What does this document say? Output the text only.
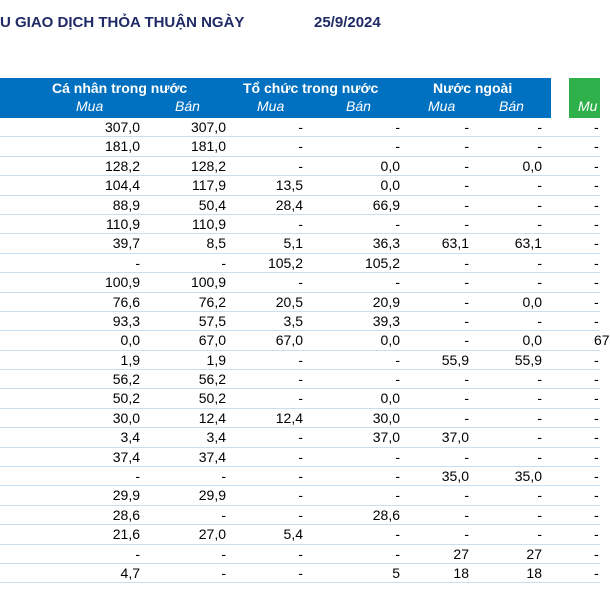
U GIAO DỊCH THỎA THUẬN NGÀY	25/9/2024
Cá nhân trong nước	Tổ chức trong nước	Nước ngoài
Mua	Bán	Mua	Bán	Mua	Bán	Mu
307,0	307,0	-	-	-	-	-
181,0	181,0	-	-	-	-	-
128,2	128,2	-	0,0	-	0,0	-
104,4	117,9	13,5	0,0	-	-	-
88,9	50,4	28,4	66,9	-	-	-
110,9	110,9	-	-	-	-	-
39,7	8,5	5,1	36,3	63,1	63,1	-
-	-	105,2	105,2	-	-	-
100,9	100,9	-	-	-	-	-
76,6	76,2	20,5	20,9	-	0,0	-
93,3	57,5	3,5	39,3	-	-	-
0,0	67,0	67,0	0,0	-	0,0	67
1,9	1,9	-	-	55,9	55,9	-
56,2	56,2	-	-	-	-	-
50,2	50,2	-	0,0	-	-	-
30,0	12,4	12,4	30,0	-	-	-
3,4	3,4	-	37,0	37,0	-	-
37,4	37,4	-	-	-	-	-
-	-	-	-	35,0	35,0	-
29,9	29,9	-	-	-	-	-
28,6	-	-	28,6	-	-	-
21,6	27,0	5,4	-	-	-	-
-	-	-	-	27	27	-
4,7	-	-	5	18	18	-
